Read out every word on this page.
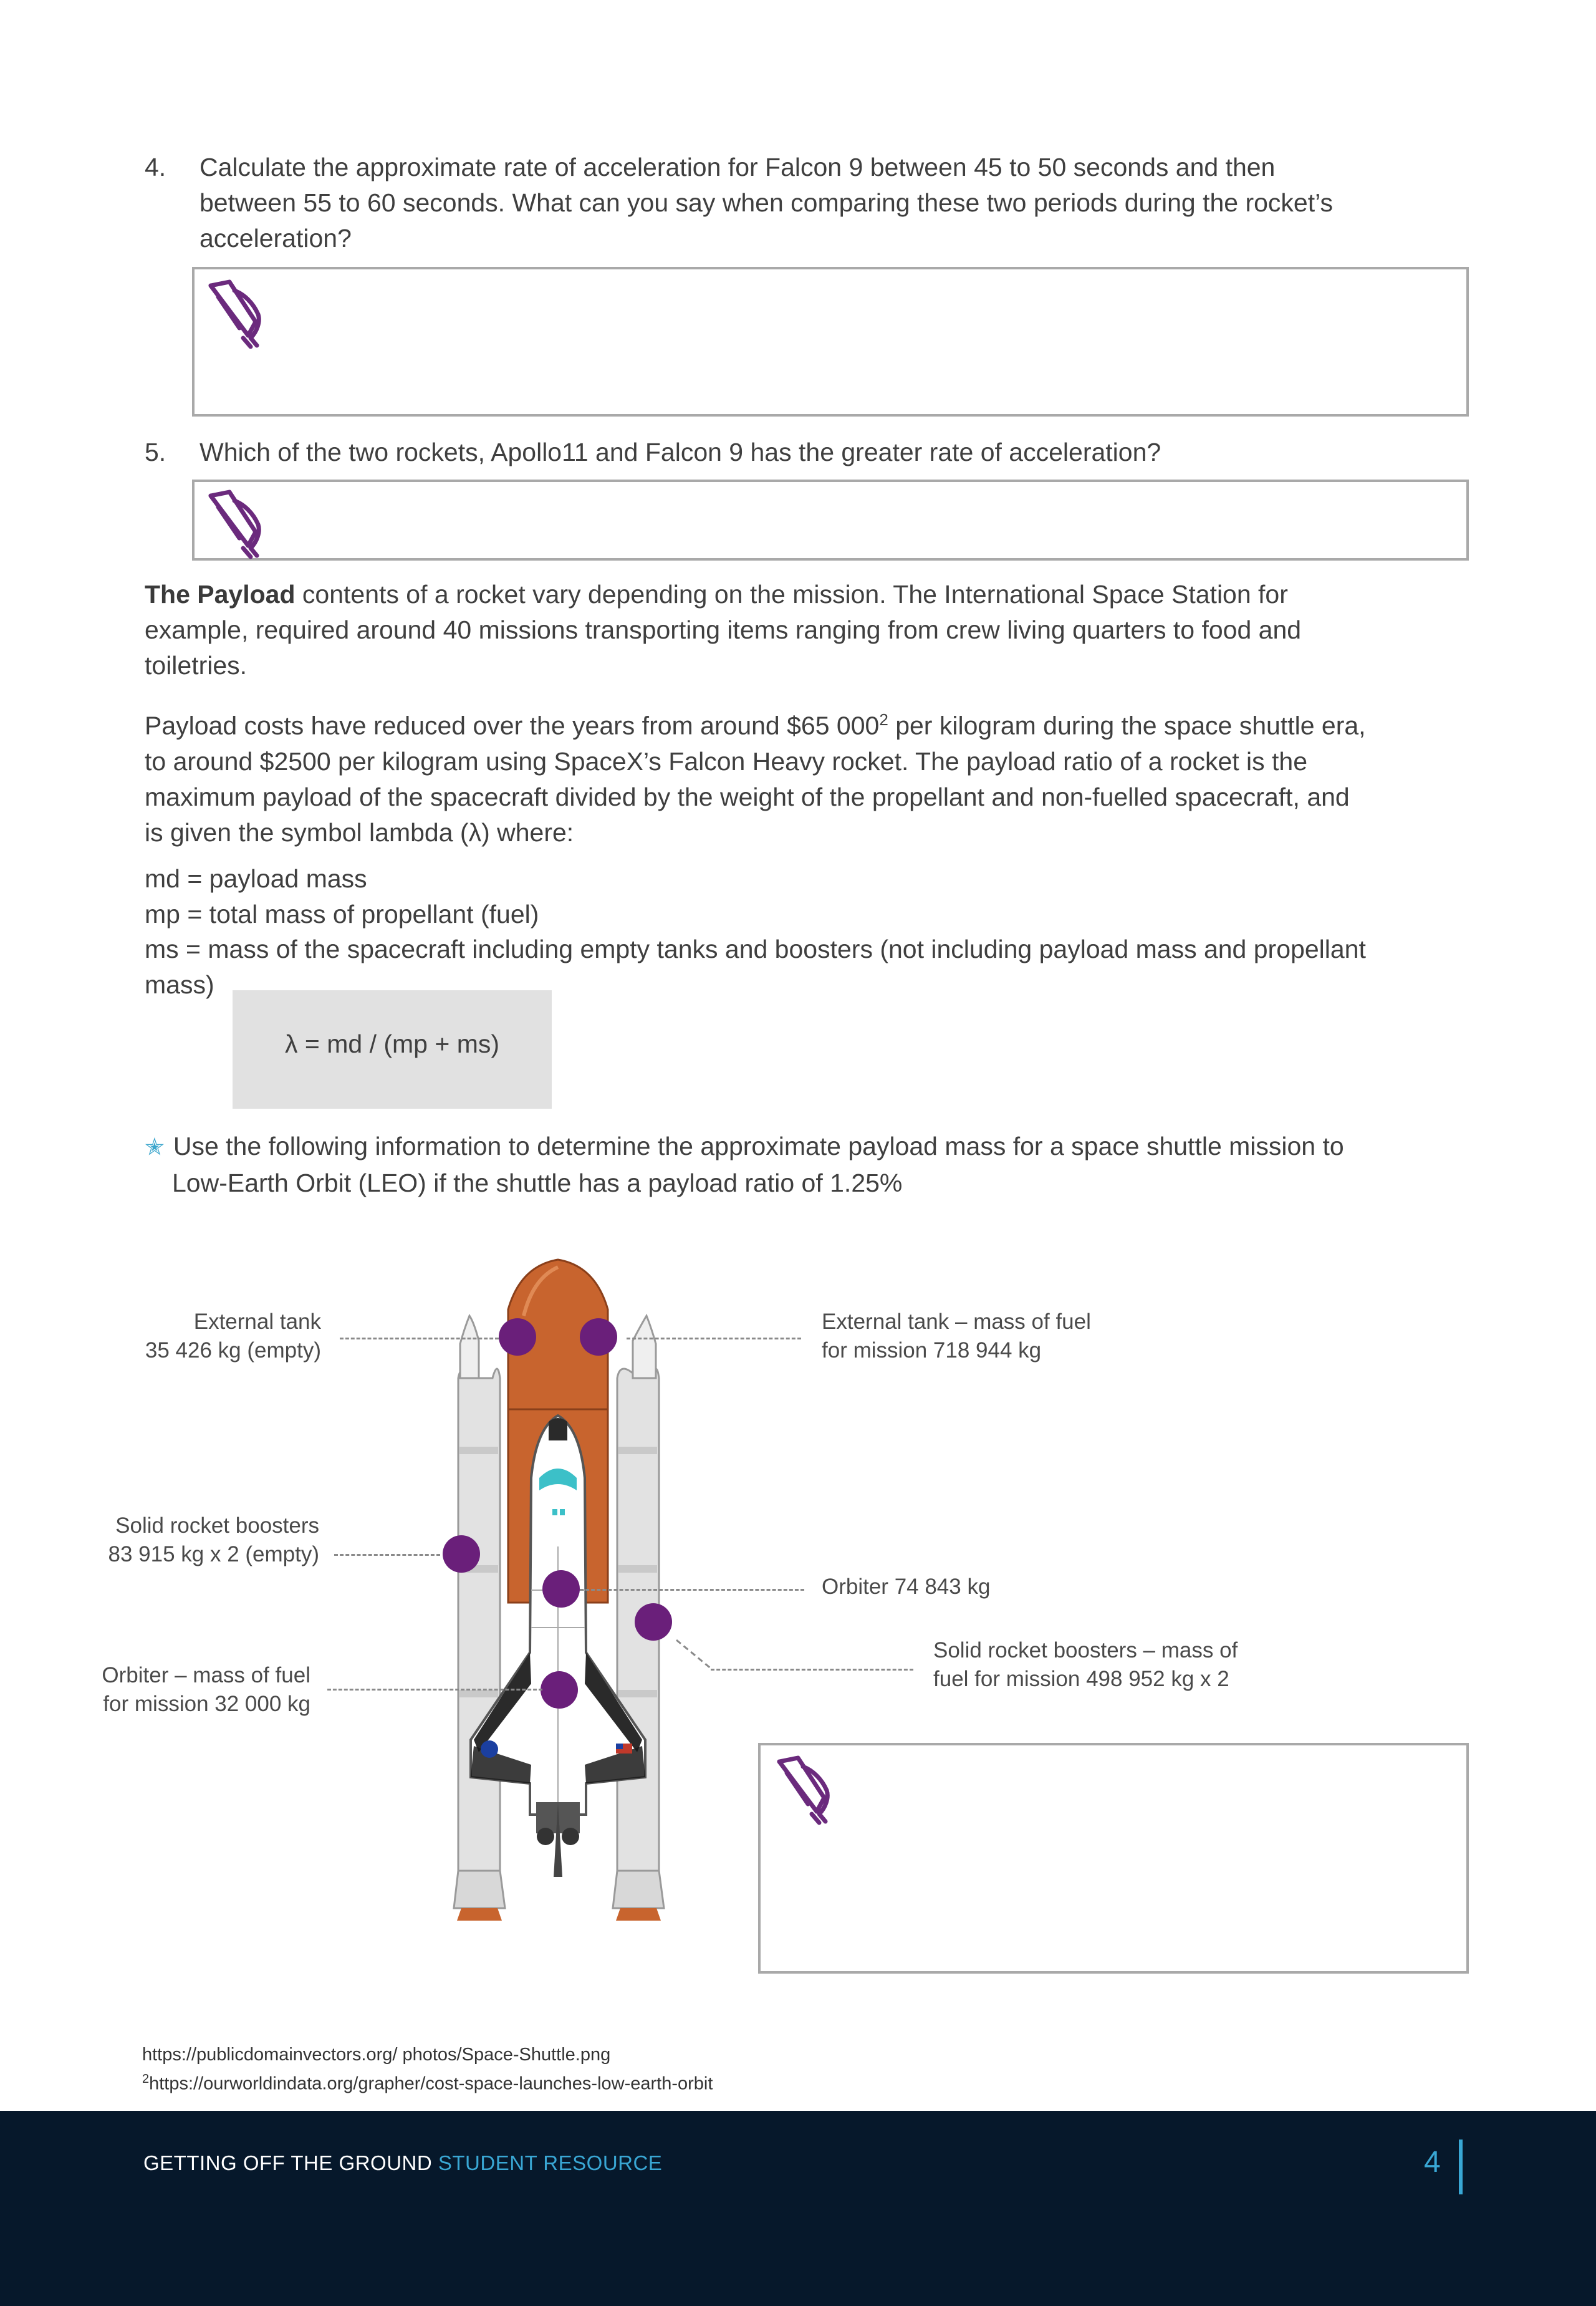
4. Calculate the approximate rate of acceleration for Falcon 9 between 45 to 50 seconds and then
between 55 to 60 seconds. What can you say when comparing these two periods during the rocket’s
acceleration?
5. Which of the two rockets, Apollo11 and Falcon 9 has the greater rate of acceleration?
The Payload contents of a rocket vary depending on the mission. The International Space Station for
example, required around 40 missions transporting items ranging from crew living quarters to food and
toiletries.
Payload costs have reduced over the years from around $65 $000^2$ per kilogram during the space shuttle era,
to around $2500 per kilogram using SpaceX’s Falcon Heavy rocket. The payload ratio of a rocket is the
maximum payload of the spacecraft divided by the weight of the propellant and non-fuelled spacecraft, and
is given the symbol lambda (λ) where:
md = payload mass
mp = total mass of propellant (fuel)
ms = mass of the spacecraft including empty tanks and boosters (not including payload mass and propellant
mass)
λ = md / (mp + ms)
✭ Use the following information to determine the approximate payload mass for a space shuttle mission to
Low-Earth Orbit (LEO) if the shuttle has a payload ratio of 1.25%
External tank
35 426 kg (empty)
External tank – mass of fuel
for mission 718 944 kg
Solid rocket boosters
83 915 kg x 2 (empty)
Orbiter 74 843 kg
Orbiter – mass of fuel
for mission 32 000 kg
Solid rocket boosters – mass of
fuel for mission 498 952 kg x 2
https://publicdomainvectors.org/ photos/Space-Shuttle.png
$^2$https://ourworldindata.org/grapher/cost-space-launches-low-earth-orbit
GETTING OFF THE GROUND STUDENT RESOURCE	4
